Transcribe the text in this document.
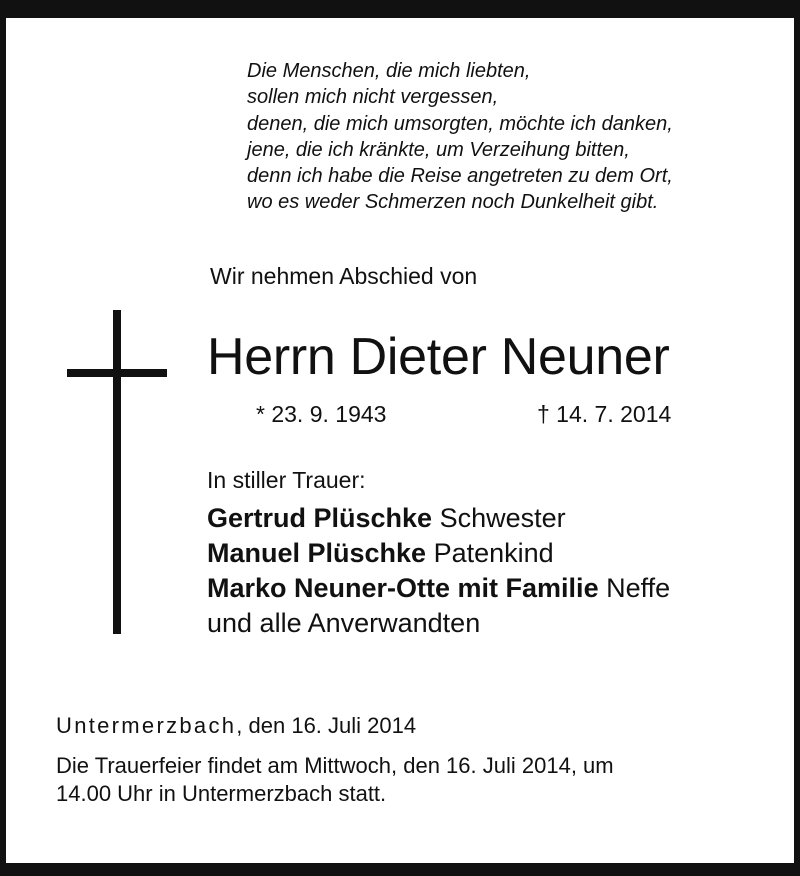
Die Menschen, die mich liebten,
sollen mich nicht vergessen,
denen, die mich umsorgten, möchte ich danken,
jene, die ich kränkte, um Verzeihung bitten,
denn ich habe die Reise angetreten zu dem Ort,
wo es weder Schmerzen noch Dunkelheit gibt.
Wir nehmen Abschied von
Herrn Dieter Neuner
* 23. 9. 1943	† 14. 7. 2014
In stiller Trauer:
Gertrud Plüschke Schwester
Manuel Plüschke Patenkind
Marko Neuner-Otte mit Familie Neffe
und alle Anverwandten
Untermerzbach, den 16. Juli 2014
Die Trauerfeier findet am Mittwoch, den 16. Juli 2014, um
14.00 Uhr in Untermerzbach statt.
